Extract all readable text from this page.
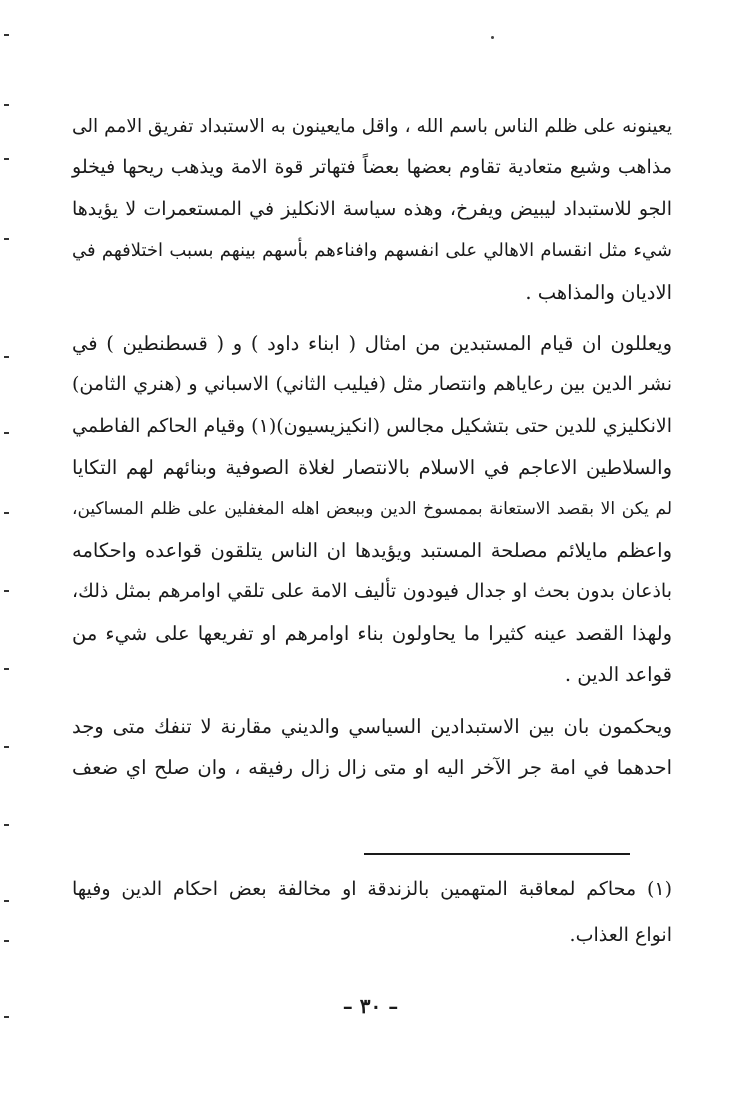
يعينونه على ظلم الناس باسم الله ، واقل مايعينون به الاستبداد تفريق الامم الى
مذاهب وشيع متعادية تقاوم بعضها بعضاً فتهاتر قوة الامة ويذهب ريحها فيخلو
الجو للاستبداد ليبيض ويفرخ، وهذه سياسة الانكليز في المستعمرات لا يؤيدها
شيء مثل انقسام الاهالي على انفسهم وافناءهم بأسهم بينهم بسبب اختلافهم في
الاديان والمذاهب .

ويعللون ان قيام المستبدين من امثال ( ابناء داود ) و ( قسطنطين ) في
نشر الدين بين رعاياهم وانتصار مثل (فيليب الثاني) الاسباني و (هنري الثامن)
الانكليزي للدين حتى بتشكيل مجالس (انكيزيسيون)(١) وقيام الحاكم الفاطمي
والسلاطين الاعاجم في الاسلام بالانتصار لغلاة الصوفية وبنائهم لهم التكايا
لم يكن الا بقصد الاستعانة بممسوخ الدين وببعض اهله المغفلين على ظلم المساكين،
واعظم مايلائم مصلحة المستبد ويؤيدها ان الناس يتلقون قواعده واحكامه
باذعان بدون بحث او جدال فيودون تأليف الامة على تلقي اوامرهم بمثل ذلك،
ولهذا القصد عينه كثيرا ما يحاولون بناء اوامرهم او تفريعها على شيء من
قواعد الدين .

ويحكمون بان بين الاستبدادين السياسي والديني مقارنة لا تنفك متى وجد
احدهما في امة جر الآخر اليه او متى زال زال رفيقه ، وان صلح اي ضعف

(١) محاكم لمعاقبة المتهمين بالزندقة او مخالفة بعض احكام الدين وفيها
انواع العذاب.
– ٣٠ –
